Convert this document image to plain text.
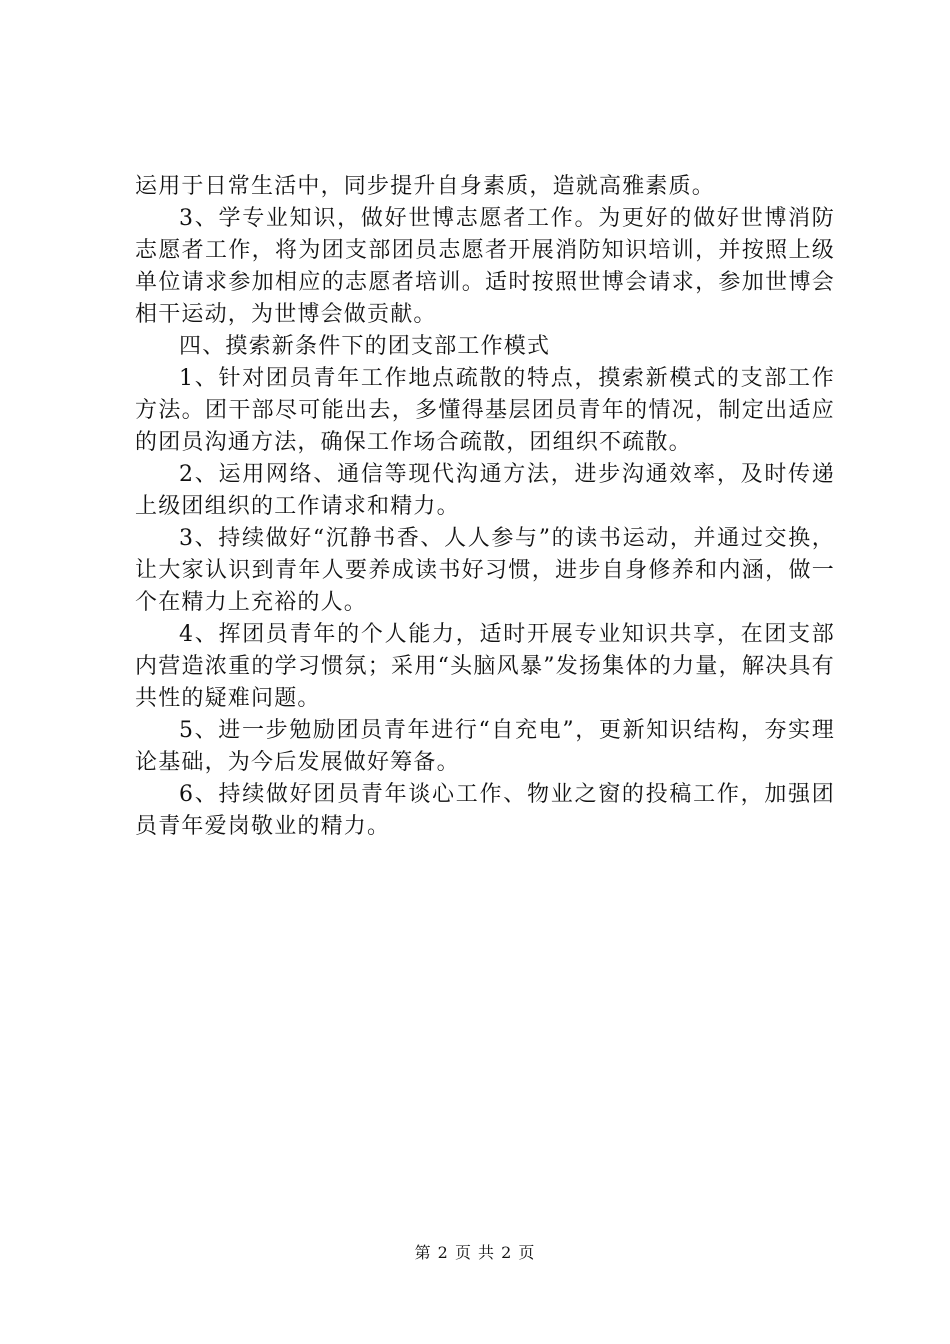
运用于日常生活中，同步提升自身素质，造就高雅素质。

3、学专业知识，做好世博志愿者工作。为更好的做好世博消防志愿者工作，将为团支部团员志愿者开展消防知识培训，并按照上级单位请求参加相应的志愿者培训。适时按照世博会请求，参加世博会相干运动，为世博会做贡献。

四、摸索新条件下的团支部工作模式

1、针对团员青年工作地点疏散的特点，摸索新模式的支部工作方法。团干部尽可能出去，多懂得基层团员青年的情况，制定出适应的团员沟通方法，确保工作场合疏散，团组织不疏散。

2、运用网络、通信等现代沟通方法，进步沟通效率，及时传递上级团组织的工作请求和精力。

3、持续做好“沉静书香、人人参与”的读书运动，并通过交换，让大家认识到青年人要养成读书好习惯，进步自身修养和内涵，做一个在精力上充裕的人。

4、挥团员青年的个人能力，适时开展专业知识共享，在团支部内营造浓重的学习惯氛；采用“头脑风暴”发扬集体的力量，解决具有共性的疑难问题。

5、进一步勉励团员青年进行“自充电”，更新知识结构，夯实理论基础，为今后发展做好筹备。

6、持续做好团员青年谈心工作、物业之窗的投稿工作，加强团员青年爱岗敬业的精力。

第 2 页 共 2 页
